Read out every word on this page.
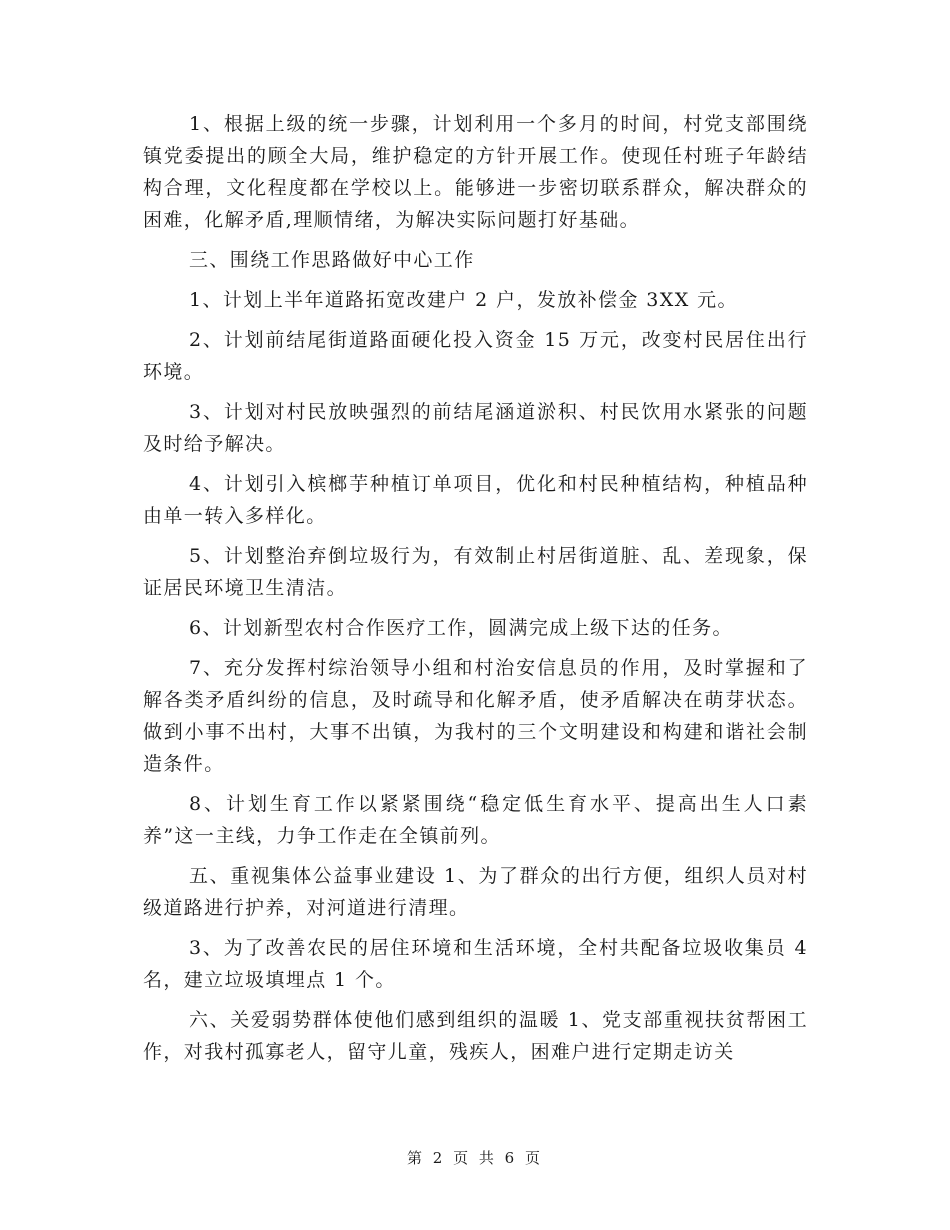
1、根据上级的统一步骤，计划利用一个多月的时间，村党支部围绕镇党委提出的顾全大局，维护稳定的方针开展工作。使现任村班子年龄结构合理，文化程度都在学校以上。能够进一步密切联系群众，解决群众的困难，化解矛盾,理顺情绪，为解决实际问题打好基础。

三、围绕工作思路做好中心工作

1、计划上半年道路拓宽改建户 2 户，发放补偿金 3XX 元。

2、计划前结尾街道路面硬化投入资金 15 万元，改变村民居住出行环境。

3、计划对村民放映强烈的前结尾涵道淤积、村民饮用水紧张的问题及时给予解决。

4、计划引入槟榔芋种植订单项目，优化和村民种植结构，种植品种由单一转入多样化。

5、计划整治弃倒垃圾行为，有效制止村居街道脏、乱、差现象，保证居民环境卫生清洁。

6、计划新型农村合作医疗工作，圆满完成上级下达的任务。

7、充分发挥村综治领导小组和村治安信息员的作用，及时掌握和了解各类矛盾纠纷的信息，及时疏导和化解矛盾，使矛盾解决在萌芽状态。做到小事不出村，大事不出镇，为我村的三个文明建设和构建和谐社会制造条件。

8、计划生育工作以紧紧围绕“稳定低生育水平、提高出生人口素养”这一主线，力争工作走在全镇前列。

五、重视集体公益事业建设 1、为了群众的出行方便，组织人员对村级道路进行护养，对河道进行清理。

3、为了改善农民的居住环境和生活环境，全村共配备垃圾收集员 4 名，建立垃圾填埋点 1 个。

六、关爱弱势群体使他们感到组织的温暖 1、党支部重视扶贫帮困工作，对我村孤寡老人，留守儿童，残疾人，困难户进行定期走访关

第 2 页 共 6 页
